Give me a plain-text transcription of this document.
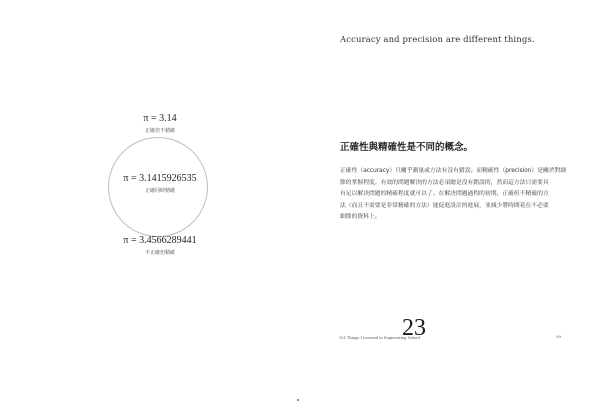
Accuracy and precision are different things.
π = 3.14
正確但不精確
π = 3.1415926535
正確同時精確
π = 3.4566289441
不正確但精確
正確性與精確性是不同的概念。
正確性（accuracy）只關乎測量或方法有沒有錯誤；而精確性（precision）是關於對細
節的掌握程度。有效的問題解決的方法必須總是沒有錯誤的，然而這方法只需要具
有足以解決問題的精確程度就可以了。在解決問題過程的初期，正確但不精確的方
法（而且不需要是非常精確的方法）能促進設計的進展，並減少將時間花在不必要
細節的資料上。
101 Things I Learned in Engineering School
23	59
